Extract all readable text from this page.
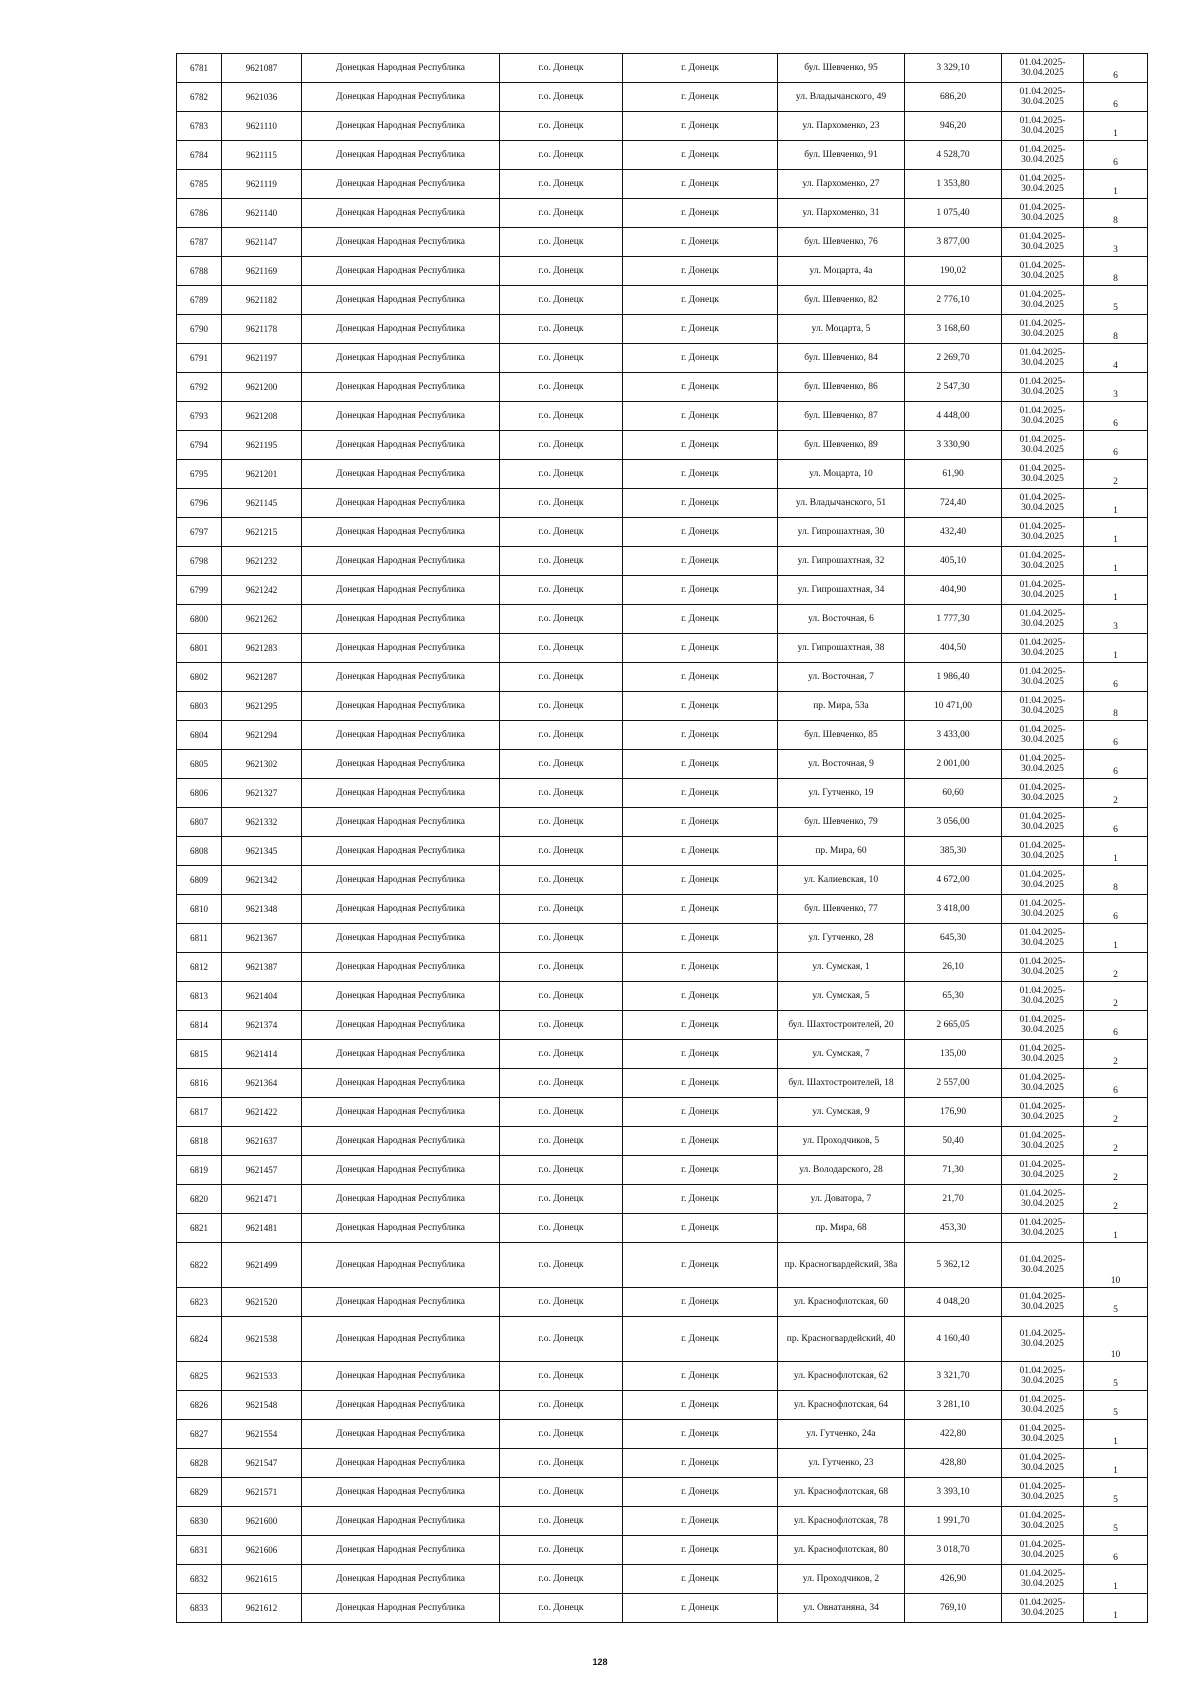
6781	9621087	Донецкая Народная Республика	г.о. Донецк	г. Донецк	бул. Шевченко, 95	3 329,10	01.04.2025-
30.04.2025	6
6782	9621036	Донецкая Народная Республика	г.о. Донецк	г. Донецк	ул. Владычанского, 49	686,20	01.04.2025-
30.04.2025	6
6783	9621110	Донецкая Народная Республика	г.о. Донецк	г. Донецк	ул. Пархоменко, 23	946,20	01.04.2025-
30.04.2025	1
6784	9621115	Донецкая Народная Республика	г.о. Донецк	г. Донецк	бул. Шевченко, 91	4 528,70	01.04.2025-
30.04.2025	6
6785	9621119	Донецкая Народная Республика	г.о. Донецк	г. Донецк	ул. Пархоменко, 27	1 353,80	01.04.2025-
30.04.2025	1
6786	9621140	Донецкая Народная Республика	г.о. Донецк	г. Донецк	ул. Пархоменко, 31	1 075,40	01.04.2025-
30.04.2025	8
6787	9621147	Донецкая Народная Республика	г.о. Донецк	г. Донецк	бул. Шевченко, 76	3 877,00	01.04.2025-
30.04.2025	3
6788	9621169	Донецкая Народная Республика	г.о. Донецк	г. Донецк	ул. Моцарта, 4а	190,02	01.04.2025-
30.04.2025	8
6789	9621182	Донецкая Народная Республика	г.о. Донецк	г. Донецк	бул. Шевченко, 82	2 776,10	01.04.2025-
30.04.2025	5
6790	9621178	Донецкая Народная Республика	г.о. Донецк	г. Донецк	ул. Моцарта, 5	3 168,60	01.04.2025-
30.04.2025	8
6791	9621197	Донецкая Народная Республика	г.о. Донецк	г. Донецк	бул. Шевченко, 84	2 269,70	01.04.2025-
30.04.2025	4
6792	9621200	Донецкая Народная Республика	г.о. Донецк	г. Донецк	бул. Шевченко, 86	2 547,30	01.04.2025-
30.04.2025	3
6793	9621208	Донецкая Народная Республика	г.о. Донецк	г. Донецк	бул. Шевченко, 87	4 448,00	01.04.2025-
30.04.2025	6
6794	9621195	Донецкая Народная Республика	г.о. Донецк	г. Донецк	бул. Шевченко, 89	3 330,90	01.04.2025-
30.04.2025	6
6795	9621201	Донецкая Народная Республика	г.о. Донецк	г. Донецк	ул. Моцарта, 10	61,90	01.04.2025-
30.04.2025	2
6796	9621145	Донецкая Народная Республика	г.о. Донецк	г. Донецк	ул. Владычанского, 51	724,40	01.04.2025-
30.04.2025	1
6797	9621215	Донецкая Народная Республика	г.о. Донецк	г. Донецк	ул. Гипрошахтная, 30	432,40	01.04.2025-
30.04.2025	1
6798	9621232	Донецкая Народная Республика	г.о. Донецк	г. Донецк	ул. Гипрошахтная, 32	405,10	01.04.2025-
30.04.2025	1
6799	9621242	Донецкая Народная Республика	г.о. Донецк	г. Донецк	ул. Гипрошахтная, 34	404,90	01.04.2025-
30.04.2025	1
6800	9621262	Донецкая Народная Республика	г.о. Донецк	г. Донецк	ул. Восточная, 6	1 777,30	01.04.2025-
30.04.2025	3
6801	9621283	Донецкая Народная Республика	г.о. Донецк	г. Донецк	ул. Гипрошахтная, 38	404,50	01.04.2025-
30.04.2025	1
6802	9621287	Донецкая Народная Республика	г.о. Донецк	г. Донецк	ул. Восточная, 7	1 986,40	01.04.2025-
30.04.2025	6
6803	9621295	Донецкая Народная Республика	г.о. Донецк	г. Донецк	пр. Мира, 53а	10 471,00	01.04.2025-
30.04.2025	8
6804	9621294	Донецкая Народная Республика	г.о. Донецк	г. Донецк	бул. Шевченко, 85	3 433,00	01.04.2025-
30.04.2025	6
6805	9621302	Донецкая Народная Республика	г.о. Донецк	г. Донецк	ул. Восточная, 9	2 001,00	01.04.2025-
30.04.2025	6
6806	9621327	Донецкая Народная Республика	г.о. Донецк	г. Донецк	ул. Гутченко, 19	60,60	01.04.2025-
30.04.2025	2
6807	9621332	Донецкая Народная Республика	г.о. Донецк	г. Донецк	бул. Шевченко, 79	3 056,00	01.04.2025-
30.04.2025	6
6808	9621345	Донецкая Народная Республика	г.о. Донецк	г. Донецк	пр. Мира, 60	385,30	01.04.2025-
30.04.2025	1
6809	9621342	Донецкая Народная Республика	г.о. Донецк	г. Донецк	ул. Калиевская, 10	4 672,00	01.04.2025-
30.04.2025	8
6810	9621348	Донецкая Народная Республика	г.о. Донецк	г. Донецк	бул. Шевченко, 77	3 418,00	01.04.2025-
30.04.2025	6
6811	9621367	Донецкая Народная Республика	г.о. Донецк	г. Донецк	ул. Гутченко, 28	645,30	01.04.2025-
30.04.2025	1
6812	9621387	Донецкая Народная Республика	г.о. Донецк	г. Донецк	ул. Сумская, 1	26,10	01.04.2025-
30.04.2025	2
6813	9621404	Донецкая Народная Республика	г.о. Донецк	г. Донецк	ул. Сумская, 5	65,30	01.04.2025-
30.04.2025	2
6814	9621374	Донецкая Народная Республика	г.о. Донецк	г. Донецк	бул. Шахтостроителей, 20	2 665,05	01.04.2025-
30.04.2025	6
6815	9621414	Донецкая Народная Республика	г.о. Донецк	г. Донецк	ул. Сумская, 7	135,00	01.04.2025-
30.04.2025	2
6816	9621364	Донецкая Народная Республика	г.о. Донецк	г. Донецк	бул. Шахтостроителей, 18	2 557,00	01.04.2025-
30.04.2025	6
6817	9621422	Донецкая Народная Республика	г.о. Донецк	г. Донецк	ул. Сумская, 9	176,90	01.04.2025-
30.04.2025	2
6818	9621637	Донецкая Народная Республика	г.о. Донецк	г. Донецк	ул. Проходчиков, 5	50,40	01.04.2025-
30.04.2025	2
6819	9621457	Донецкая Народная Республика	г.о. Донецк	г. Донецк	ул. Володарского, 28	71,30	01.04.2025-
30.04.2025	2
6820	9621471	Донецкая Народная Республика	г.о. Донецк	г. Донецк	ул. Доватора, 7	21,70	01.04.2025-
30.04.2025	2
6821	9621481	Донецкая Народная Республика	г.о. Донецк	г. Донецк	пр. Мира, 68	453,30	01.04.2025-
30.04.2025	1
6822	9621499	Донецкая Народная Республика	г.о. Донецк	г. Донецк	пр. Красногвардейский, 38а	5 362,12	01.04.2025-
30.04.2025	10
6823	9621520	Донецкая Народная Республика	г.о. Донецк	г. Донецк	ул. Краснофлотская, 60	4 048,20	01.04.2025-
30.04.2025	5
6824	9621538	Донецкая Народная Республика	г.о. Донецк	г. Донецк	пр. Красногвардейский, 40	4 160,40	01.04.2025-
30.04.2025	10
6825	9621533	Донецкая Народная Республика	г.о. Донецк	г. Донецк	ул. Краснофлотская, 62	3 321,70	01.04.2025-
30.04.2025	5
6826	9621548	Донецкая Народная Республика	г.о. Донецк	г. Донецк	ул. Краснофлотская, 64	3 281,10	01.04.2025-
30.04.2025	5
6827	9621554	Донецкая Народная Республика	г.о. Донецк	г. Донецк	ул. Гутченко, 24а	422,80	01.04.2025-
30.04.2025	1
6828	9621547	Донецкая Народная Республика	г.о. Донецк	г. Донецк	ул. Гутченко, 23	428,80	01.04.2025-
30.04.2025	1
6829	9621571	Донецкая Народная Республика	г.о. Донецк	г. Донецк	ул. Краснофлотская, 68	3 393,10	01.04.2025-
30.04.2025	5
6830	9621600	Донецкая Народная Республика	г.о. Донецк	г. Донецк	ул. Краснофлотская, 78	1 991,70	01.04.2025-
30.04.2025	5
6831	9621606	Донецкая Народная Республика	г.о. Донецк	г. Донецк	ул. Краснофлотская, 80	3 018,70	01.04.2025-
30.04.2025	6
6832	9621615	Донецкая Народная Республика	г.о. Донецк	г. Донецк	ул. Проходчиков, 2	426,90	01.04.2025-
30.04.2025	1
6833	9621612	Донецкая Народная Республика	г.о. Донецк	г. Донецк	ул. Овнатаняна, 34	769,10	01.04.2025-
30.04.2025	1
128
